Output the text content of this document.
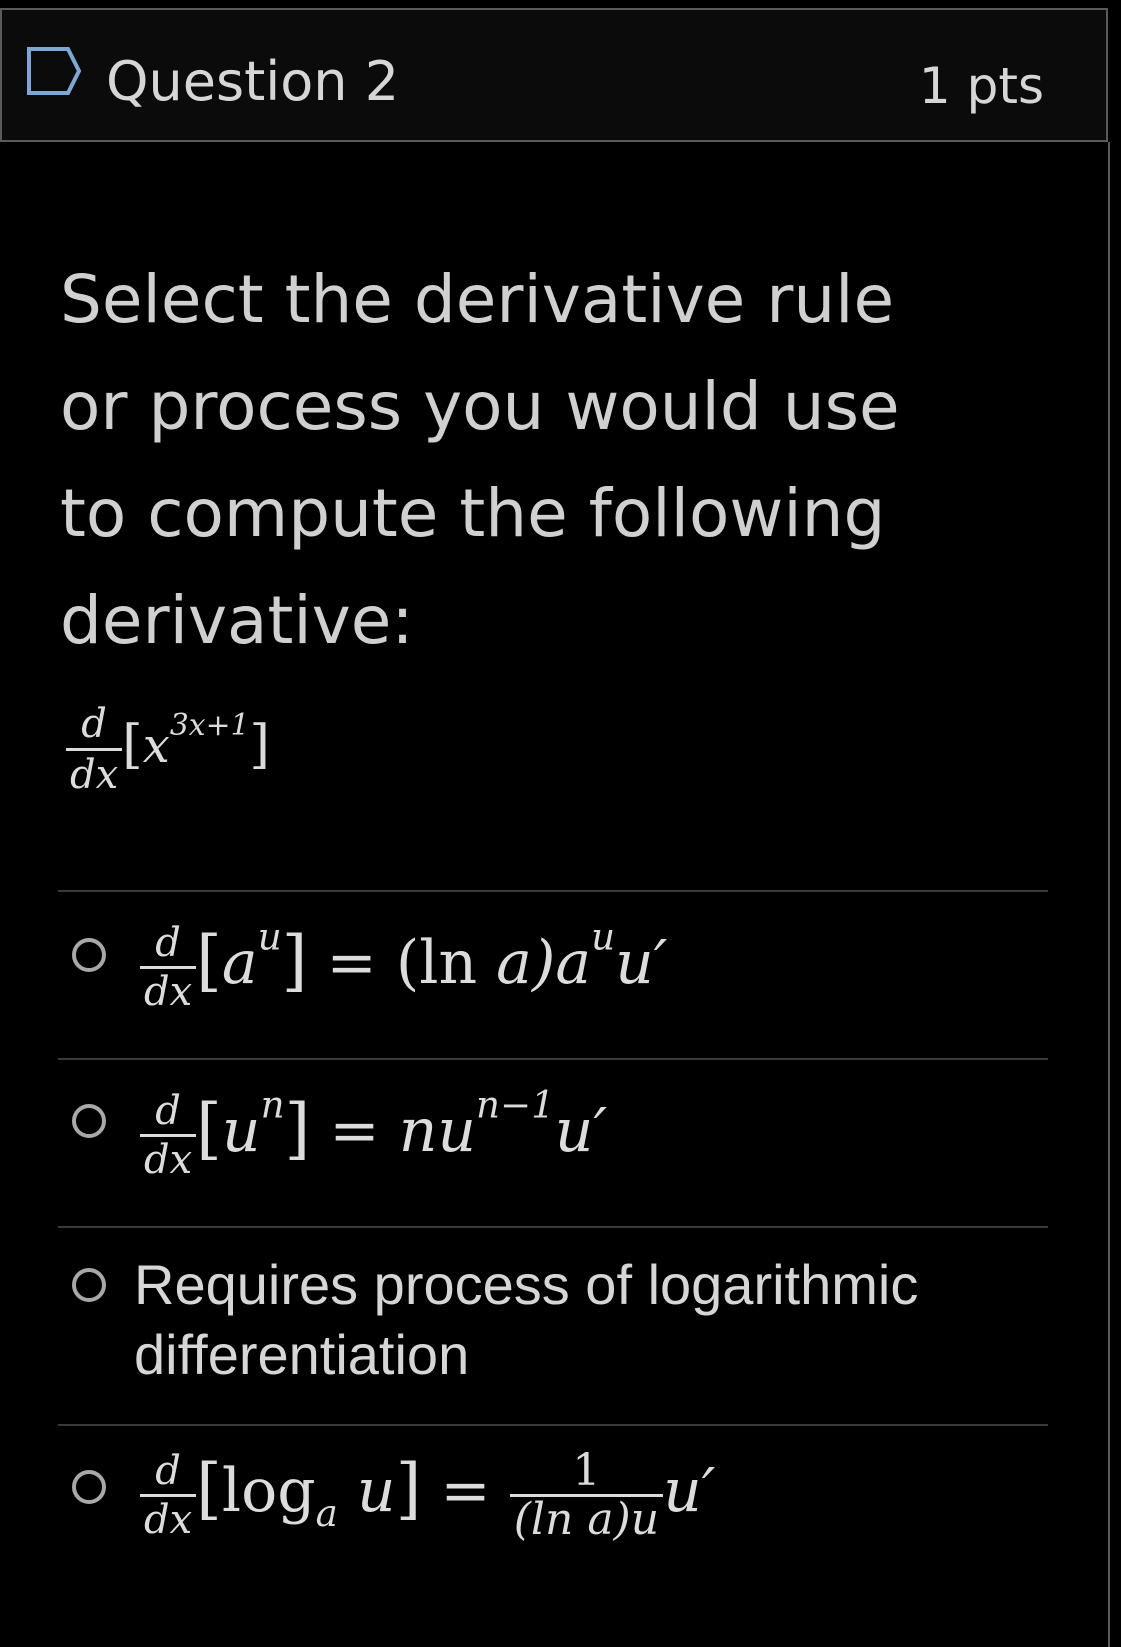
Question 2	1 pts
Select the derivative rule or process you would use to compute the following derivative:
$\frac{d}{dx} [x^{3x+1}]$
$\frac{d}{dx} [a^u] = (\ln$ $a)a^uu'$
$\frac{d}{dx} [u^n] = nu^{n-1}u'$
Requires process of logarithmic differentiation
$\frac{d}{dx} [\log_a$ $u] = \frac{1}{\text{(ln a)u}} u'$
